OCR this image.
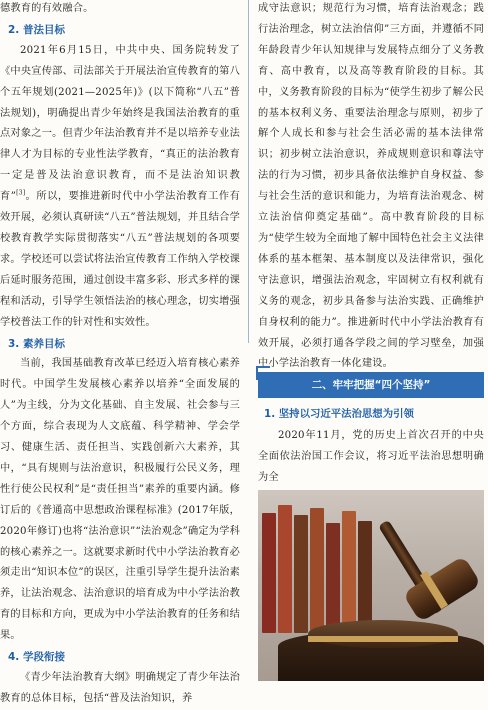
德教育的有效融合。

2. 普法目标

2021年6月15日，中共中央、国务院转发了《中央宣传部、司法部关于开展法治宣传教育的第八个五年规划(2021—2025年)》(以下简称“八五”普法规划)，明确提出青少年始终是我国法治教育的重点对象之一。但青少年法治教育并不是以培养专业法律人才为目标的专业性法学教育，“真正的法治教育一定是普及法治意识教育，而不是法治知识教育”[3]。所以，要推进新时代中小学法治教育工作有效开展，必须认真研读“八五”普法规划，并且结合学校教育教学实际贯彻落实“八五”普法规划的各项要求。学校还可以尝试将法治宣传教育工作纳入学校课后延时服务范围，通过创设丰富多彩、形式多样的课程和活动，引导学生领悟法治的核心理念，切实增强学校普法工作的针对性和实效性。

3. 素养目标

当前，我国基础教育改革已经迈入培育核心素养时代。中国学生发展核心素养以培养“全面发展的人”为主线，分为文化基础、自主发展、社会参与三个方面，综合表现为人文底蕴、科学精神、学会学习、健康生活、责任担当、实践创新六大素养，其中，“具有规则与法治意识，积极履行公民义务，理性行使公民权利”是“责任担当”素养的重要内涵。修订后的《普通高中思想政治课程标准》(2017年版，2020年修订)也将“法治意识”“法治观念”确定为学科的核心素养之一。这就要求新时代中小学法治教育必须走出“知识本位”的误区，注重引导学生提升法治素养，让法治观念、法治意识的培育成为中小学法治教育的目标和方向，更成为中小学法治教育的任务和结果。

4. 学段衔接

《青少年法治教育大纲》明确规定了青少年法治教育的总体目标，包括“普及法治知识，养

成守法意识；规范行为习惯，培育法治观念；践行法治理念，树立法治信仰”三方面，并遵循不同年龄段青少年认知规律与发展特点细分了义务教育、高中教育，以及高等教育阶段的目标。其中，义务教育阶段的目标为“使学生初步了解公民的基本权利义务、重要法治理念与原则，初步了解个人成长和参与社会生活必需的基本法律常识；初步树立法治意识，养成规则意识和尊法守法的行为习惯，初步具备依法维护自身权益、参与社会生活的意识和能力，为培育法治观念、树立法治信仰奠定基础”。高中教育阶段的目标为“使学生较为全面地了解中国特色社会主义法律体系的基本框架、基本制度以及法律常识，强化守法意识，增强法治观念，牢固树立有权利就有义务的观念，初步具备参与法治实践、正确维护自身权利的能力”。推进新时代中小学法治教育有效开展，必须打通各学段之间的学习壁垒，加强中小学法治教育一体化建设。

二、牢牢把握“四个坚持”
1. 坚持以习近平法治思想为引领

2020年11月，党的历史上首次召开的中央全面依法治国工作会议，将习近平法治思想明确为全
